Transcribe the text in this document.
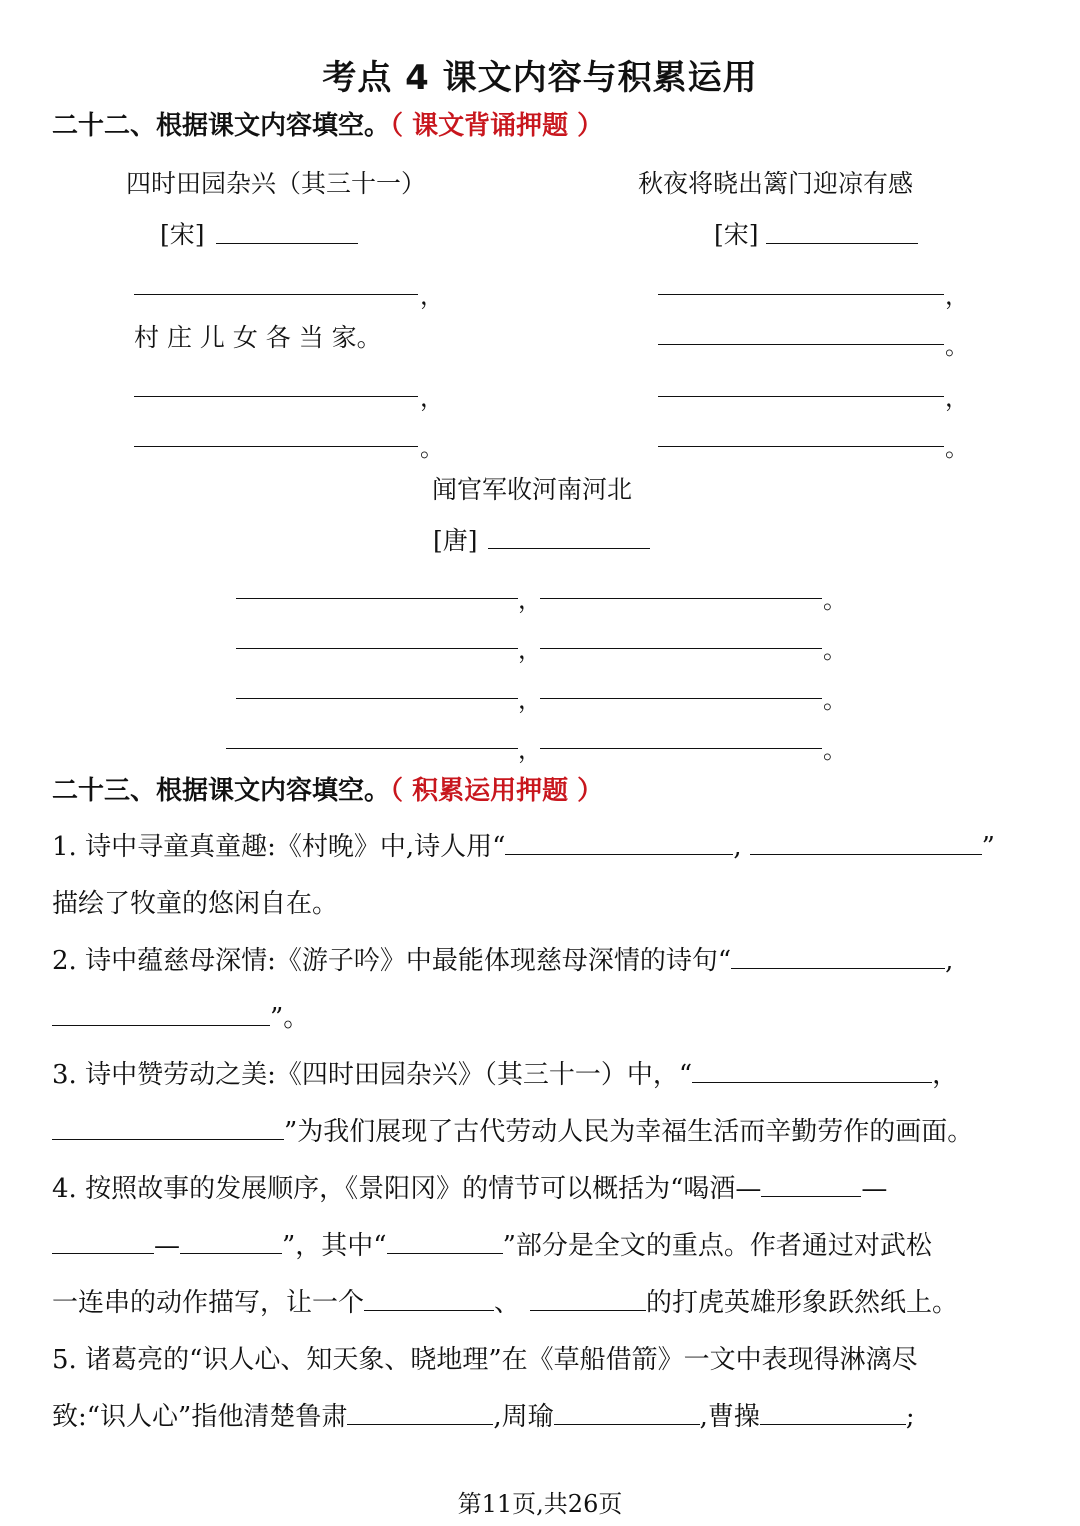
考点 4 课文内容与积累运用
二十二、根据课文内容填空。（ 课文背诵押题 ）
四时田园杂兴（其三十一）
[宋]
，
村 庄 儿 女 各 当 家。
，
。
秋夜将晓出篱门迎凉有感
[宋]
，
。
，
。
闻官军收河南河北
[唐]
，	。
，	。
，	。
，	。
二十三、根据课文内容填空。（ 积累运用押题 ）
1. 诗中寻童真童趣:《村晚》中,诗人用“	,	”
描绘了牧童的悠闲自在。
2. 诗中蕴慈母深情:《游子吟》中最能体现慈母深情的诗句“	,
”。
3. 诗中赞劳动之美:《四时田园杂兴》（其三十一）中，“	，
”为我们展现了古代劳动人民为幸福生活而辛勤劳作的画面。
4. 按照故事的发展顺序，《景阳冈》的情节可以概括为“喝酒—	—
—	”，其中“	”部分是全文的重点。作者通过对武松
一连串的动作描写，让一个	、	的打虎英雄形象跃然纸上。
5. 诸葛亮的“识人心、知天象、晓地理”在《草船借箭》一文中表现得淋漓尽
致:“识人心”指他清楚鲁肃	,周瑜	,曹操	;
第11页,共26页
